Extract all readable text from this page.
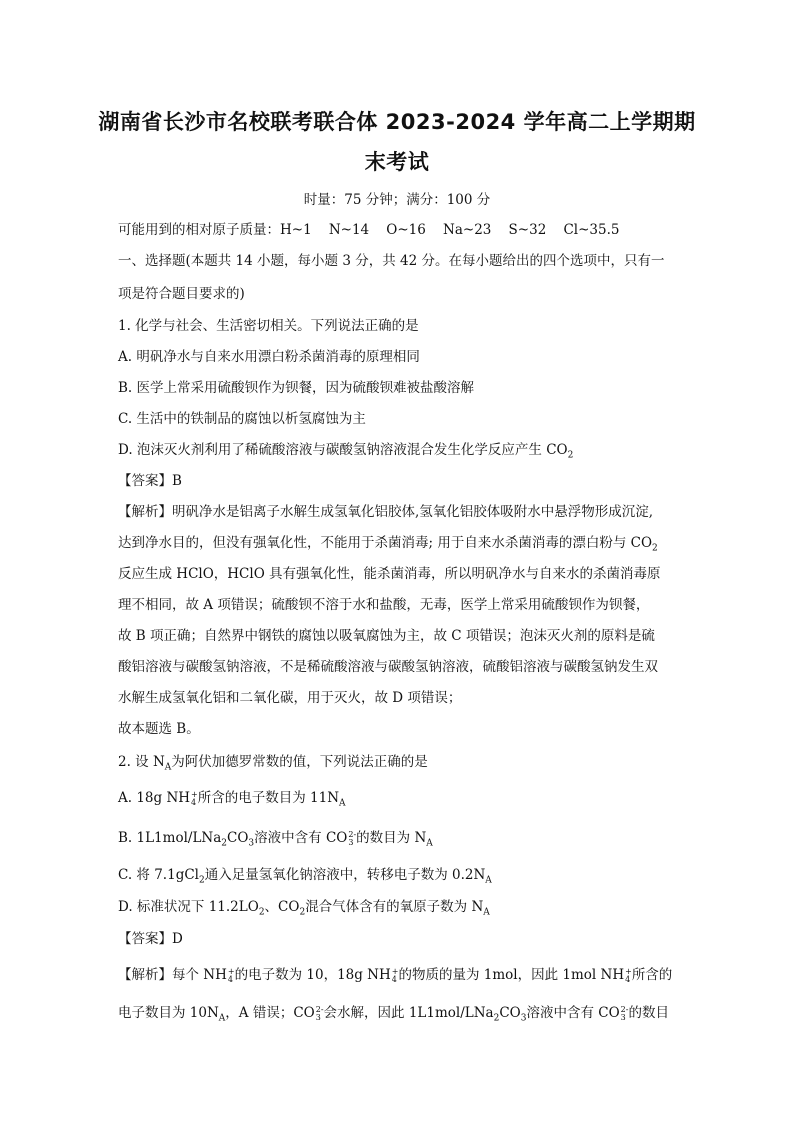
湖南省长沙市名校联考联合体 2023-2024 学年高二上学期期
末考试
时量：75 分钟；满分：100 分
可能用到的相对原子质量：H~1    N~14    O~16    Na~23    S~32    Cl~35.5
一、选择题(本题共 14 小题，每小题 3 分，共 42 分。在每小题给出的四个选项中，只有一
项是符合题目要求的)
1. 化学与社会、生活密切相关。下列说法正确的是
A. 明矾净水与自来水用漂白粉杀菌消毒的原理相同
B. 医学上常采用硫酸钡作为钡餐，因为硫酸钡难被盐酸溶解
C. 生活中的铁制品的腐蚀以析氢腐蚀为主
D. 泡沫灭火剂利用了稀硫酸溶液与碳酸氢钠溶液混合发生化学反应产生 $CO_2$
【答案】B
【解析】明矾净水是铝离子水解生成氢氧化铝胶体,氢氧化铝胶体吸附水中悬浮物形成沉淀,
达到净水目的，但没有强氧化性，不能用于杀菌消毒; 用于自来水杀菌消毒的漂白粉与 $CO_2$
反应生成 HClO，HClO 具有强氧化性，能杀菌消毒，所以明矾净水与自来水的杀菌消毒原
理不相同，故 A 项错误；硫酸钡不溶于水和盐酸，无毒，医学上常采用硫酸钡作为钡餐，
故 B 项正确；自然界中钢铁的腐蚀以吸氧腐蚀为主，故 C 项错误；泡沫灭火剂的原料是硫
酸铝溶液与碳酸氢钠溶液，不是稀硫酸溶液与碳酸氢钠溶液，硫酸铝溶液与碳酸氢钠发生双
水解生成氢氧化铝和二氧化碳，用于灭火，故 D 项错误；
故本题选 B。
2. 设 $N_A$为阿伏加德罗常数的值，下列说法正确的是
A. 18g NH +
4 所含的电子数目为 $11N_A$
B. $1L1mol/LNa_2CO_3$溶液中含有 CO 2-
3 的数目为 $N_A$
C. 将 7.1gCl$_2$通入足量氢氧化钠溶液中，转移电子数为 $0.2N_A$
D. 标准状况下 $11.2LO_2$、$CO_2$混合气体含有的氧原子数为 $N_A$
【答案】D
【解析】每个 NH +
4 的电子数为 10，18g NH +
4 的物质的量为 1mol，因此 1mol NH +
4 所含的
电子数目为 $10N_A$，A 错误；CO 2-
3 会水解，因此 $1L1mol/LNa_2CO_3$溶液中含有 CO 2-
3 的数目
